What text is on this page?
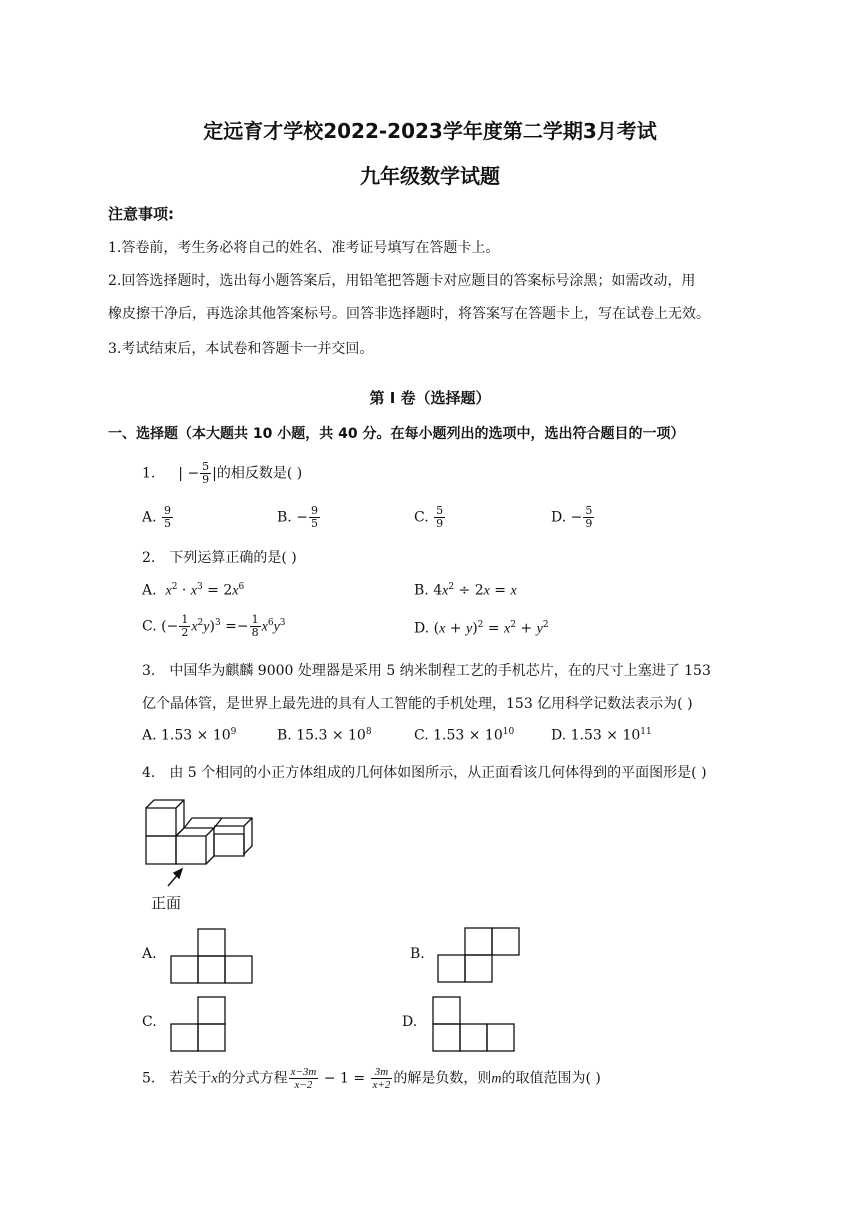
定远育才学校2022-2023学年度第二学期3月考试
九年级数学试题
注意事项:
1.答卷前，考生务必将自己的姓名、准考证号填写在答题卡上。
2.回答选择题时，选出每小题答案后，用铅笔把答题卡对应题目的答案标号涂黑；如需改动，用
橡皮擦干净后，再选涂其他答案标号。回答非选择题时，将答案写在答题卡上，写在试卷上无效。
3.考试结束后，本试卷和答题卡一并交回。
第 I 卷（选择题）
一、选择题（本大题共 10 小题，共 40 分。在每小题列出的选项中，选出符合题目的一项）
1. | − $\frac{5}{9}$ |的相反数是( )
A. $\frac{9}{5}$	B. − $\frac{9}{5}$	C. $\frac{5}{9}$	D. − $\frac{5}{9}$
2. 下列运算正确的是( )
A. $x^2 \cdot x^3 = 2x^6$	B. $4x^2 \div 2x = x$
C. (− $\frac{1}{2} x^2y)^3 =- \frac{1}{8} x^6y^3$	D. $(x + y)^2 = x^2 + y^2$
3. 中国华为麒麟 9000 处理器是采用 5 纳米制程工艺的手机芯片，在的尺寸上塞进了 153
亿个晶体管，是世界上最先进的具有人工智能的手机处理，153 亿用科学记数法表示为( )
A. $1.53 \times 10^9$	B. $15.3 \times 10^8$	C. $1.53 \times 10^{10}$	D. $1.53 \times 10^{11}$
4. 由 5 个相同的小正方体组成的几何体如图所示，从正面看该几何体得到的平面图形是( )
正面
A.	B.
C.	D.
5. 若关于x的分式方程 $\frac{x-3m}{x-2} - 1 = \frac{3m}{x+2}$ 的解是负数，则m的取值范围为( )
